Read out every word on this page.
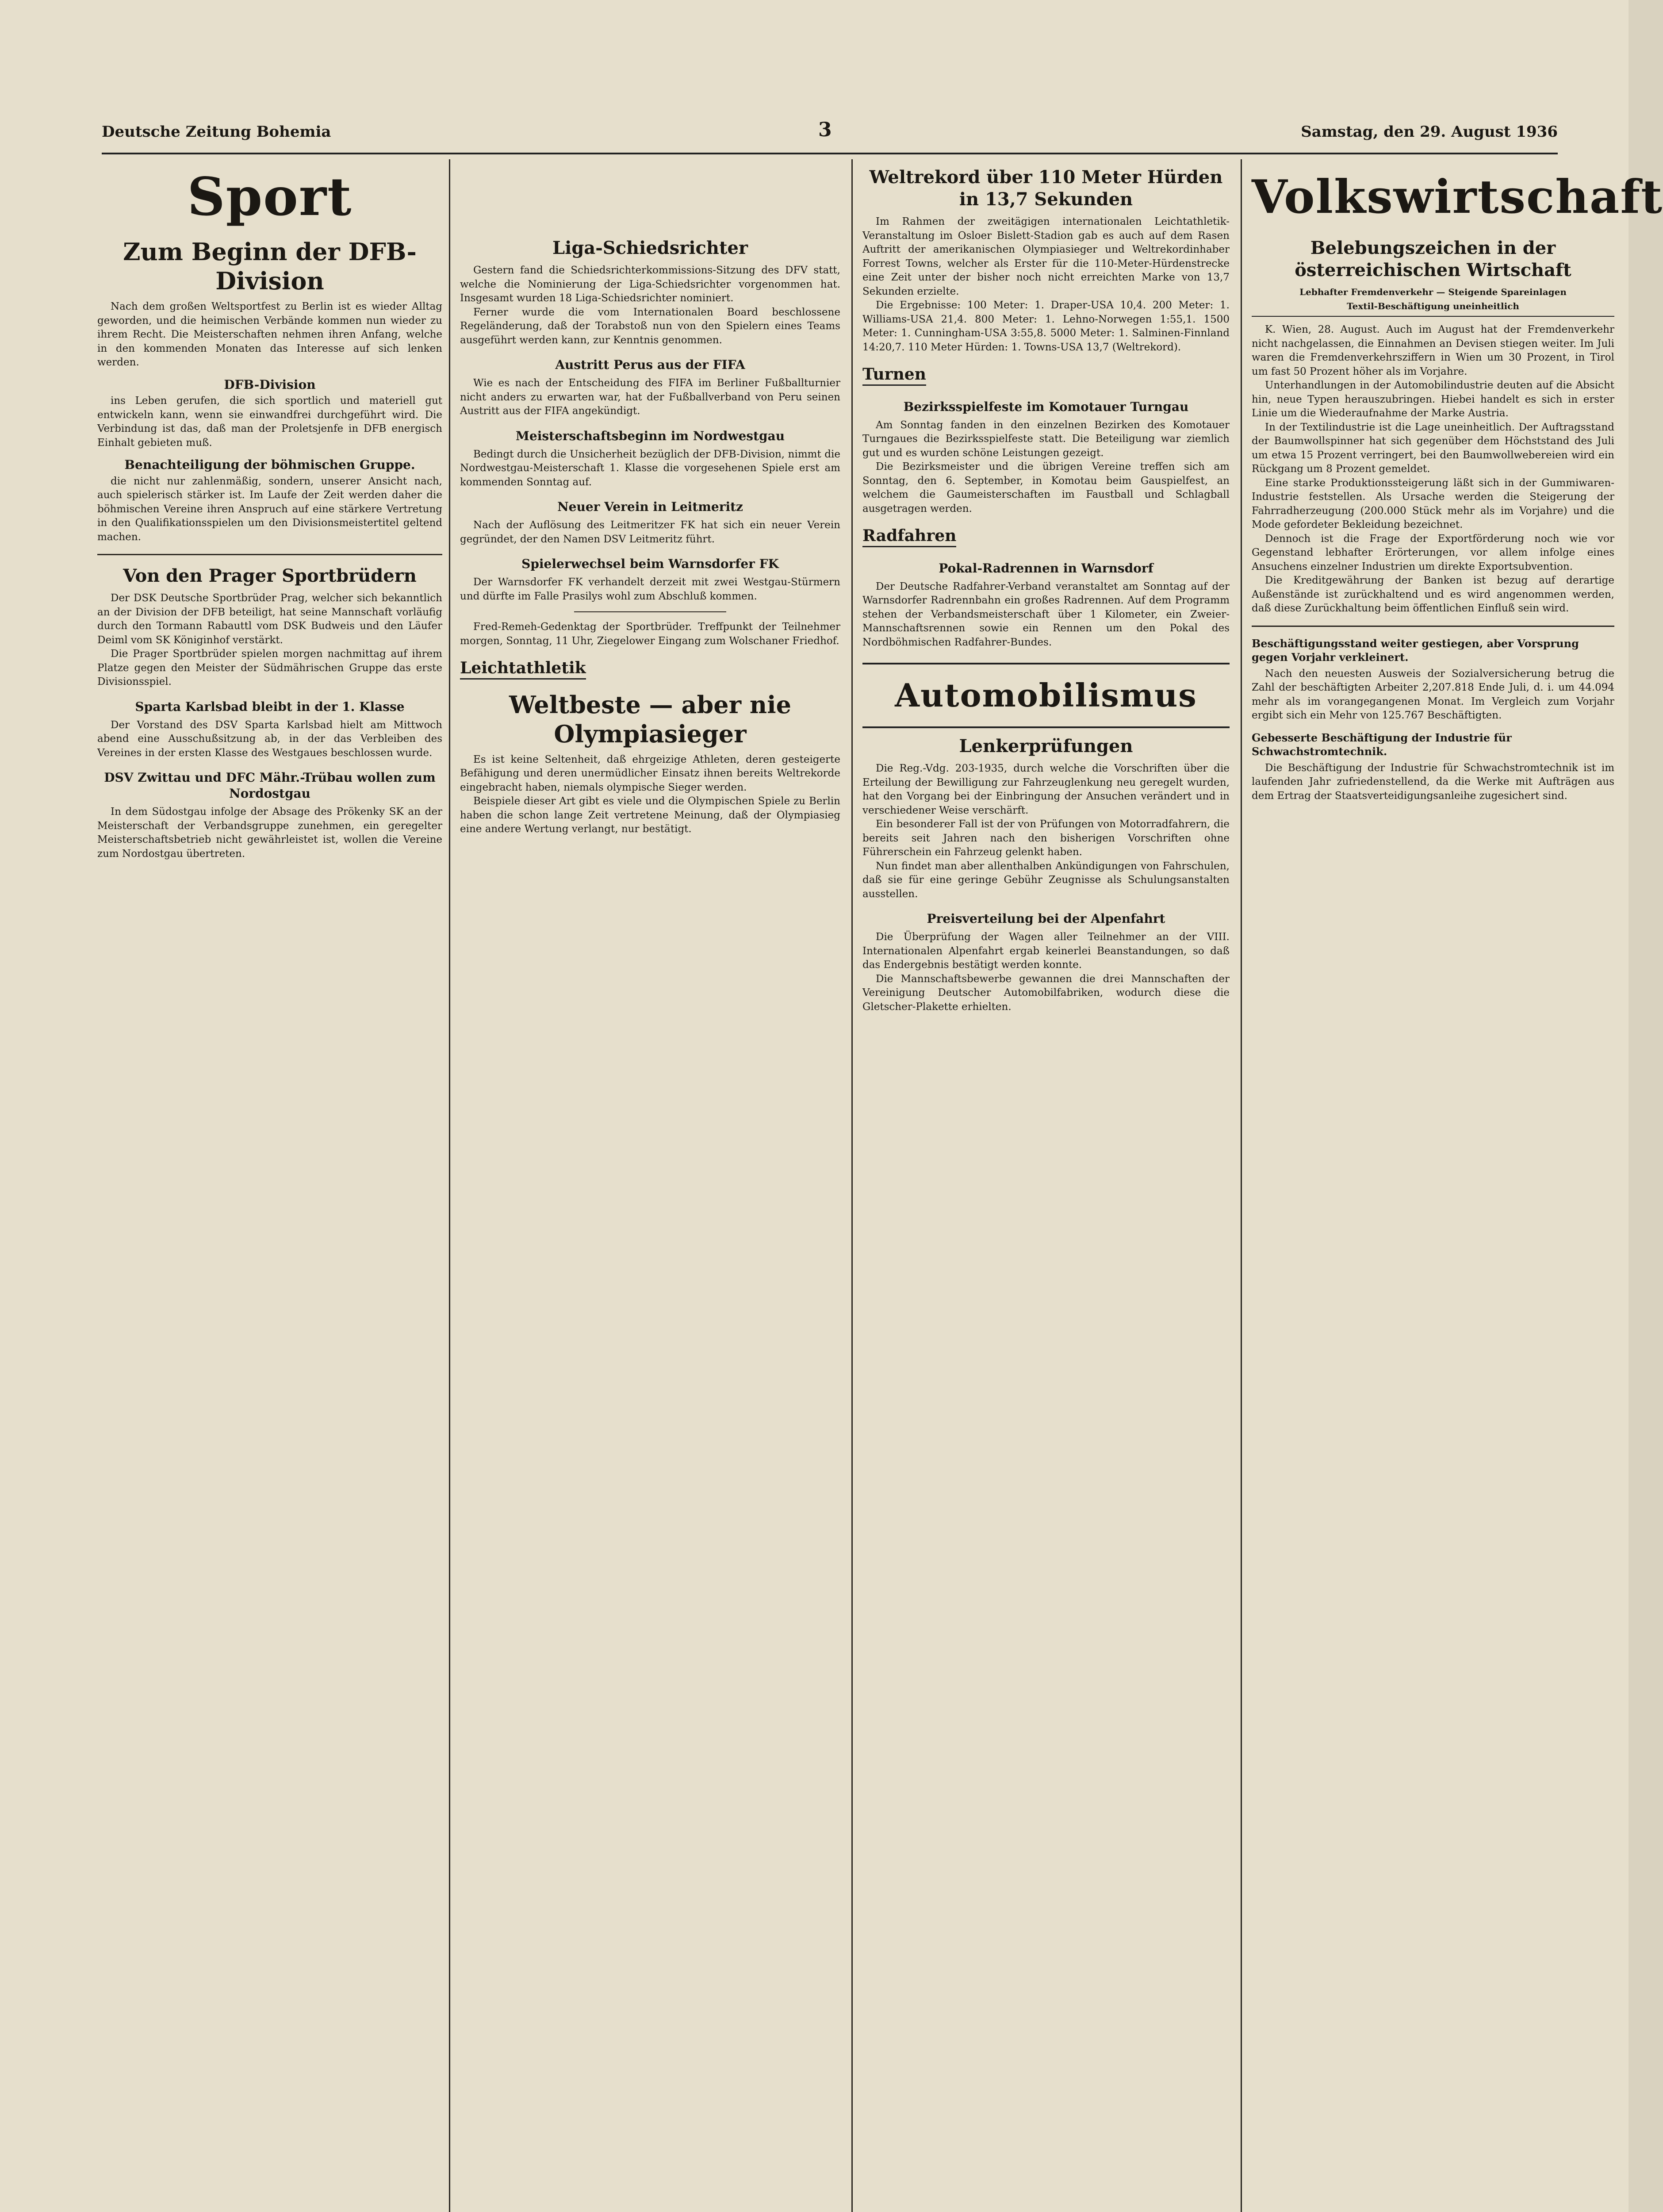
Deutsche Zeitung Bohemia	3	Samstag, den 29. August 1936
Sport
Zum Beginn der DFB-Division

Nach dem großen Weltsportfest zu Berlin ist es wieder Alltag geworden, und die heimischen Verbände kommen nun wieder zu ihrem Recht. Die Meisterschaften nehmen ihren Anfang, welche in den kommenden Monaten das Interesse auf sich lenken werden.

DFB-Division

ins Leben gerufen, die sich sportlich und materiell gut entwickeln kann, wenn sie einwandfrei durchgeführt wird. Die Verbindung ist das, daß man der Proletsjenfe in DFB energisch Einhalt gebieten muß.

Benachteiligung der böhmischen Gruppe.

die nicht nur zahlenmäßig, sondern, unserer Ansicht nach, auch spielerisch stärker ist. Im Laufe der Zeit werden daher die böhmischen Vereine ihren Anspruch auf eine stärkere Vertretung in den Qualifikationsspielen um den Divisionsmeistertitel geltend machen.

Von den Prager Sportbrüdern

Der DSK Deutsche Sportbrüder Prag, welcher sich bekanntlich an der Division der DFB beteiligt, hat seine Mannschaft vorläufig durch den Tormann Rabauttl vom DSK Budweis und den Läufer Deiml vom SK Königinhof verstärkt.

Die Prager Sportbrüder spielen morgen nachmittag auf ihrem Platze gegen den Meister der Südmährischen Gruppe das erste Divisionsspiel.

Sparta Karlsbad bleibt in der 1. Klasse

Der Vorstand des DSV Sparta Karlsbad hielt am Mittwoch abend eine Ausschußsitzung ab, in der das Verbleiben des Vereines in der ersten Klasse des Westgaues beschlossen wurde.

DSV Zwittau und DFC Mähr.-Trübau wollen zum Nordostgau

In dem Südostgau infolge der Absage des Prökenky SK an der Meisterschaft der Verbandsgruppe zunehmen, ein geregelter Meisterschaftsbetrieb nicht gewährleistet ist, wollen die Vereine zum Nordostgau übertreten.

Liga-Schiedsrichter

Gestern fand die Schiedsrichterkommissions-Sitzung des DFV statt, welche die Nominierung der Liga-Schiedsrichter vorgenommen hat. Insgesamt wurden 18 Liga-Schiedsrichter nominiert.

Ferner wurde die vom Internationalen Board beschlossene Regeländerung, daß der Torabstoß nun von den Spielern eines Teams ausgeführt werden kann, zur Kenntnis genommen.

Austritt Perus aus der FIFA

Wie es nach der Entscheidung des FIFA im Berliner Fußballturnier nicht anders zu erwarten war, hat der Fußballverband von Peru seinen Austritt aus der FIFA angekündigt.

Meisterschaftsbeginn im Nordwestgau

Bedingt durch die Unsicherheit bezüglich der DFB-Division, nimmt die Nordwestgau-Meisterschaft 1. Klasse die vorgesehenen Spiele erst am kommenden Sonntag auf.

Neuer Verein in Leitmeritz

Nach der Auflösung des Leitmeritzer FK hat sich ein neuer Verein gegründet, der den Namen DSV Leitmeritz führt.

Spielerwechsel beim Warnsdorfer FK

Der Warnsdorfer FK verhandelt derzeit mit zwei Westgau-Stürmern und dürfte im Falle Prasilys wohl zum Abschluß kommen.

Fred-Remeh-Gedenktag der Sportbrüder. Treffpunkt der Teilnehmer morgen, Sonntag, 11 Uhr, Ziegelower Eingang zum Wolschaner Friedhof.

Leichtathletik
Weltbeste — aber nie Olympiasieger

Es ist keine Seltenheit, daß ehrgeizige Athleten, deren gesteigerte Befähigung und deren unermüdlicher Einsatz ihnen bereits Weltrekorde eingebracht haben, niemals olympische Sieger werden.

Beispiele dieser Art gibt es viele und die Olympischen Spiele zu Berlin haben die schon lange Zeit vertretene Meinung, daß der Olympiasieg eine andere Wertung verlangt, nur bestätigt.

Weltrekord über 110 Meter Hürden in 13,7 Sekunden

Im Rahmen der zweitägigen internationalen Leichtathletik-Veranstaltung im Osloer Bislett-Stadion gab es auch auf dem Rasen Auftritt der amerikanischen Olympiasieger und Weltrekordinhaber Forrest Towns, welcher als Erster für die 110-Meter-Hürdenstrecke eine Zeit unter der bisher noch nicht erreichten Marke von 13,7 Sekunden erzielte.

Die Ergebnisse: 100 Meter: 1. Draper-USA 10,4. 200 Meter: 1. Williams-USA 21,4. 800 Meter: 1. Lehno-Norwegen 1:55,1. 1500 Meter: 1. Cunningham-USA 3:55,8. 5000 Meter: 1. Salminen-Finnland 14:20,7. 110 Meter Hürden: 1. Towns-USA 13,7 (Weltrekord).

Turnen
Bezirksspielfeste im Komotauer Turngau

Am Sonntag fanden in den einzelnen Bezirken des Komotauer Turngaues die Bezirksspielfeste statt. Die Beteiligung war ziemlich gut und es wurden schöne Leistungen gezeigt.

Die Bezirksmeister und die übrigen Vereine treffen sich am Sonntag, den 6. September, in Komotau beim Gauspielfest, an welchem die Gaumeisterschaften im Faustball und Schlagball ausgetragen werden.

Radfahren
Pokal-Radrennen in Warnsdorf

Der Deutsche Radfahrer-Verband veranstaltet am Sonntag auf der Warnsdorfer Radrennbahn ein großes Radrennen. Auf dem Programm stehen der Verbandsmeisterschaft über 1 Kilometer, ein Zweier-Mannschaftsrennen sowie ein Rennen um den Pokal des Nordböhmischen Radfahrer-Bundes.

Automobilismus
Lenkerprüfungen

Die Reg.-Vdg. 203-1935, durch welche die Vorschriften über die Erteilung der Bewilligung zur Fahrzeuglenkung neu geregelt wurden, hat den Vorgang bei der Einbringung der Ansuchen verändert und in verschiedener Weise verschärft.

Ein besonderer Fall ist der von Prüfungen von Motorradfahrern, die bereits seit Jahren nach den bisherigen Vorschriften ohne Führerschein ein Fahrzeug gelenkt haben.

Nun findet man aber allenthalben Ankündigungen von Fahrschulen, daß sie für eine geringe Gebühr Zeugnisse als Schulungsanstalten ausstellen.

Preisverteilung bei der Alpenfahrt

Die Überprüfung der Wagen aller Teilnehmer an der VIII. Internationalen Alpenfahrt ergab keinerlei Beanstandungen, so daß das Endergebnis bestätigt werden konnte.

Die Mannschaftsbewerbe gewannen die drei Mannschaften der Vereinigung Deutscher Automobilfabriken, wodurch diese die Gletscher-Plakette erhielten.

Volkswirtschaft
Belebungszeichen in der österreichischen Wirtschaft
Lebhafter Fremdenverkehr — Steigende Spareinlagen
Textil-Beschäftigung uneinheitlich

K. Wien, 28. August. Auch im August hat der Fremdenverkehr nicht nachgelassen, die Einnahmen an Devisen stiegen weiter. Im Juli waren die Fremdenverkehrsziffern in Wien um 30 Prozent, in Tirol um fast 50 Prozent höher als im Vorjahre.

Unterhandlungen in der Automobilindustrie deuten auf die Absicht hin, neue Typen herauszubringen. Hiebei handelt es sich in erster Linie um die Wiederaufnahme der Marke Austria.

In der Textilindustrie ist die Lage uneinheitlich. Der Auftragsstand der Baumwollspinner hat sich gegenüber dem Höchststand des Juli um etwa 15 Prozent verringert, bei den Baumwollwebereien wird ein Rückgang um 8 Prozent gemeldet.

Eine starke Produktionssteigerung läßt sich in der Gummiwaren-Industrie feststellen. Als Ursache werden die Steigerung der Fahrradherzeugung (200.000 Stück mehr als im Vorjahre) und die Mode gefordeter Bekleidung bezeichnet.

Dennoch ist die Frage der Exportförderung noch wie vor Gegenstand lebhafter Erörterungen, vor allem infolge eines Ansuchens einzelner Industrien um direkte Exportsubvention.

Die Kreditgewährung der Banken ist bezug auf derartige Außenstände ist zurückhaltend und es wird angenommen werden, daß diese Zurückhaltung beim öffentlichen Einfluß sein wird.

Beschäftigungsstand weiter gestiegen, aber Vorsprung gegen Vorjahr verkleinert.

Nach den neuesten Ausweis der Sozialversicherung betrug die Zahl der beschäftigten Arbeiter 2,207.818 Ende Juli, d. i. um 44.094 mehr als im vorangegangenen Monat. Im Vergleich zum Vorjahr ergibt sich ein Mehr von 125.767 Beschäftigten.

Gebesserte Beschäftigung der Industrie für Schwachstromtechnik.

Die Beschäftigung der Industrie für Schwachstromtechnik ist im laufenden Jahr zufriedenstellend, da die Werke mit Aufträgen aus dem Ertrag der Staatsverteidigungsanleihe zugesichert sind.
